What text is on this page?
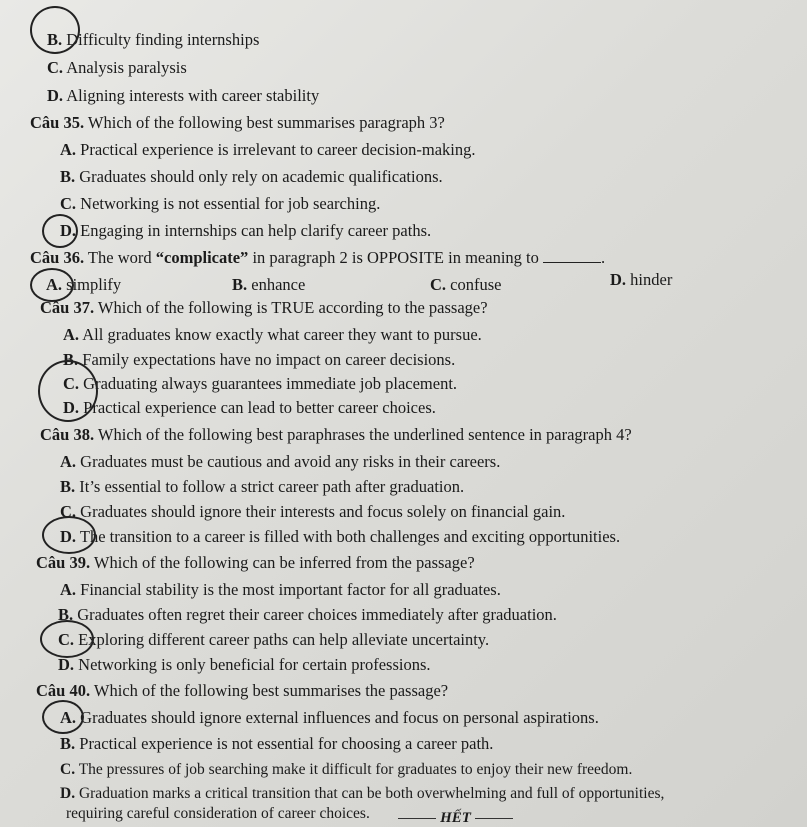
B. Difficulty finding internships
C. Analysis paralysis
D. Aligning interests with career stability
Câu 35. Which of the following best summarises paragraph 3?
A. Practical experience is irrelevant to career decision-making.
B. Graduates should only rely on academic qualifications.
C. Networking is not essential for job searching.
D. Engaging in internships can help clarify career paths.
Câu 36. The word “complicate” in paragraph 2 is OPPOSITE in meaning to	.
A. simplify	B. enhance	C. confuse	D. hinder
Câu 37. Which of the following is TRUE according to the passage?
A. All graduates know exactly what career they want to pursue.
B. Family expectations have no impact on career decisions.
C. Graduating always guarantees immediate job placement.
D. Practical experience can lead to better career choices.
Câu 38. Which of the following best paraphrases the underlined sentence in paragraph 4?
A. Graduates must be cautious and avoid any risks in their careers.
B. It’s essential to follow a strict career path after graduation.
C. Graduates should ignore their interests and focus solely on financial gain.
D. The transition to a career is filled with both challenges and exciting opportunities.
Câu 39. Which of the following can be inferred from the passage?
A. Financial stability is the most important factor for all graduates.
B. Graduates often regret their career choices immediately after graduation.
C. Exploring different career paths can help alleviate uncertainty.
D. Networking is only beneficial for certain professions.
Câu 40. Which of the following best summarises the passage?
A. Graduates should ignore external influences and focus on personal aspirations.
B. Practical experience is not essential for choosing a career path.
C. The pressures of job searching make it difficult for graduates to enjoy their new freedom.
D. Graduation marks a critical transition that can be both overwhelming and full of opportunities,
requiring careful consideration of career choices.	HẾT
